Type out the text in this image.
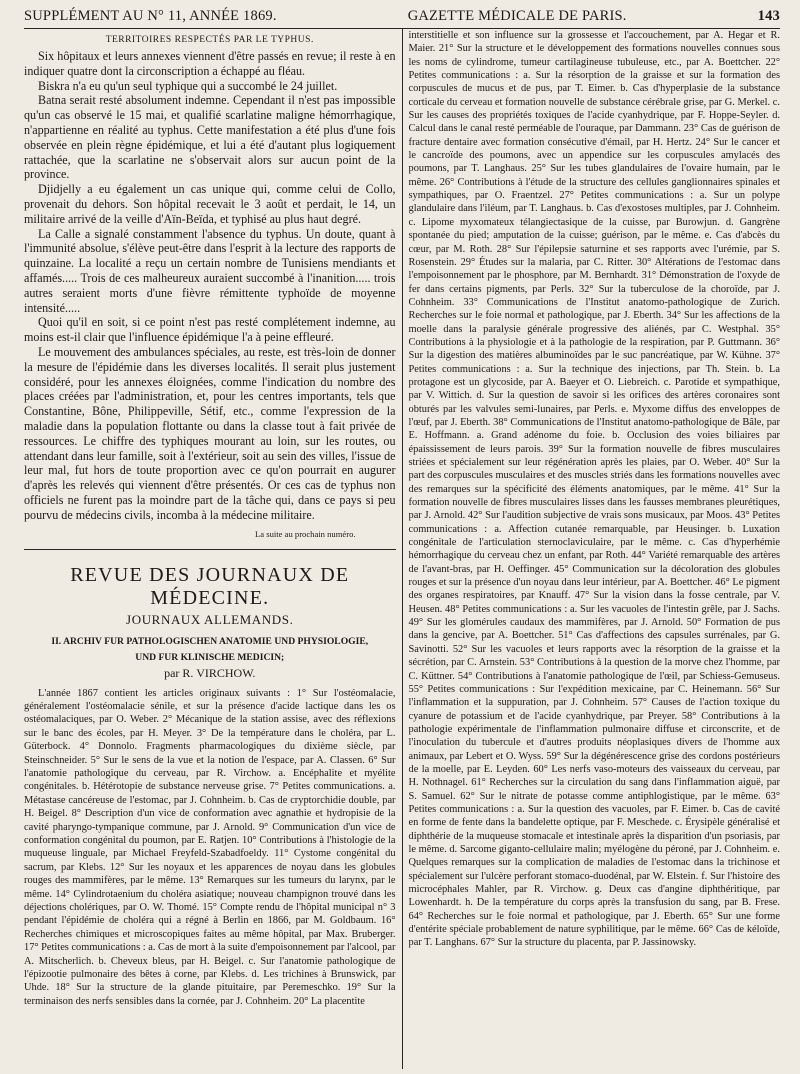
SUPPLÉMENT AU N° 11, ANNÉE 1869.	GAZETTE MÉDICALE DE PARIS.	143
TERRITOIRES RESPECTÉS PAR LE TYPHUS.

Six hôpitaux et leurs annexes viennent d'être passés en revue; il reste à en indiquer quatre dont la circonscription a échappé au fléau.

Biskra n'a eu qu'un seul typhique qui a succombé le 24 juillet.

Batna serait resté absolument indemne. Cependant il n'est pas impossible qu'un cas observé le 15 mai, et qualifié scarlatine maligne hémorrhagique, n'appartienne en réalité au typhus. Cette manifestation a été plus d'une fois observée en plein règne épidémique, et lui a été d'autant plus logiquement rattachée, que la scarlatine ne s'observait alors sur aucun point de la province.

Djidjelly a eu également un cas unique qui, comme celui de Collo, provenait du dehors. Son hôpital recevait le 3 août et perdait, le 14, un militaire arrivé de la veille d'Aïn-Beïda, et typhisé au plus haut degré.

La Calle a signalé constamment l'absence du typhus. Un doute, quant à l'immunité absolue, s'élève peut-être dans l'esprit à la lecture des rapports de quinzaine. La localité a reçu un certain nombre de Tunisiens mendiants et affamés..... Trois de ces malheureux auraient succombé à l'inanition..... trois autres seraient morts d'une fièvre rémittente typhoïde de moyenne intensité.....

Quoi qu'il en soit, si ce point n'est pas resté complétement indemne, au moins est-il clair que l'influence épidémique l'a à peine effleuré.

Le mouvement des ambulances spéciales, au reste, est très-loin de donner la mesure de l'épidémie dans les diverses localités. Il serait plus justement considéré, pour les annexes éloignées, comme l'indication du nombre des places créées par l'administration, et, pour les centres importants, tels que Constantine, Bône, Philippeville, Sétif, etc., comme l'expression de la maladie dans la population flottante ou dans la classe tout à fait privée de ressources. Le chiffre des typhiques mourant au loin, sur les routes, ou attendant dans leur famille, soit à l'extérieur, soit au sein des villes, l'issue de leur mal, fut hors de toute proportion avec ce qu'on pourrait en augurer d'après les relevés qui viennent d'être présentés. Or ces cas de typhus non officiels ne furent pas la moindre part de la tâche qui, dans ce pays si peu pourvu de médecins civils, incomba à la médecine militaire.

La suite au prochain numéro.
REVUE DES JOURNAUX DE MÉDECINE.
JOURNAUX ALLEMANDS.
II. ARCHIV FUR PATHOLOGISCHEN ANATOMIE UND PHYSIOLOGIE,
UND FUR KLINISCHE MEDICIN;
par R. VIRCHOW.

L'année 1867 contient les articles originaux suivants : 1° Sur l'ostéomalacie, généralement l'ostéomalacie sénile, et sur la présence d'acide lactique dans les os ostéomalaciques, par O. Weber. 2° Mécanique de la station assise, avec des réflexions sur le banc des écoles, par H. Meyer. 3° De la température dans le choléra, par L. Güterbock. 4° Donnolo. Fragments pharmacologiques du dixième siècle, par Steinschneider. 5° Sur le sens de la vue et la notion de l'espace, par A. Classen. 6° Sur l'anatomie pathologique du cerveau, par R. Virchow. a. Encéphalite et myélite congénitales. b. Hétérotopie de substance nerveuse grise. 7° Petites communications. a. Métastase cancéreuse de l'estomac, par J. Cohnheim. b. Cas de cryptorchidie double, par H. Beigel. 8° Description d'un vice de conformation avec agnathie et hydropisie de la cavité pharyngo-tympanique commune, par J. Arnold. 9° Communication d'un vice de conformation congénital du poumon, par E. Ratjen. 10° Contributions à l'histologie de la muqueuse linguale, par Michael Freyfeld-Szabadfoeldy. 11° Cystome congénital du sacrum, par Klebs. 12° Sur les noyaux et les apparences de noyau dans les globules rouges des mammifères, par le même. 13° Remarques sur les tumeurs du larynx, par le même. 14° Cylindrotaenium du choléra asiatique; nouveau champignon trouvé dans les déjections cholériques, par O. W. Thomé. 15° Compte rendu de l'hôpital municipal n° 3 pendant l'épidémie de choléra qui a régné à Berlin en 1866, par M. Goldbaum. 16° Recherches chimiques et microscopiques faites au même hôpital, par Max. Bruberger. 17° Petites communications : a. Cas de mort à la suite d'empoisonnement par l'alcool, par A. Mitscherlich. b. Cheveux bleus, par H. Beigel. c. Sur l'anatomie pathologique de l'épizootie pulmonaire des bêtes à corne, par Klebs. d. Les trichines à Brunswick, par Uhde. 18° Sur la structure de la glande pituitaire, par Peremeschko. 19° Sur la terminaison des nerfs sensibles dans la cornée, par J. Cohnheim. 20° La placentite

interstitielle et son influence sur la grossesse et l'accouchement, par A. Hegar et R. Maier. 21° Sur la structure et le développement des formations nouvelles connues sous les noms de cylindrome, tumeur cartilagineuse tubuleuse, etc., par A. Boettcher. 22° Petites communications : a. Sur la résorption de la graisse et sur la formation des corpuscules de mucus et de pus, par T. Eimer. b. Cas d'hyperplasie de la substance corticale du cerveau et formation nouvelle de substance cérébrale grise, par G. Merkel. c. Sur les causes des propriétés toxiques de l'acide cyanhydrique, par F. Hoppe-Seyler. d. Calcul dans le canal resté perméable de l'ouraque, par Dammann. 23° Cas de guérison de fracture dentaire avec formation consécutive d'émail, par H. Hertz. 24° Sur le cancer et le cancroïde des poumons, avec un appendice sur les corpuscules amylacés des poumons, par T. Langhaus. 25° Sur les tubes glandulaires de l'ovaire humain, par le même. 26° Contributions à l'étude de la structure des cellules ganglionnaires spinales et sympathiques, par O. Fraentzel. 27° Petites communications : a. Sur un polype glandulaire dans l'iléum, par T. Langhaus. b. Cas d'exostoses multiples, par J. Cohnheim. c. Lipome myxomateux télangiectasique de la cuisse, par Burowjun. d. Gangrène spontanée du pied; amputation de la cuisse; guérison, par le même. e. Cas d'abcès du cœur, par M. Roth. 28° Sur l'épilepsie saturnine et ses rapports avec l'urémie, par S. Rosenstein. 29° Études sur la malaria, par C. Ritter. 30° Altérations de l'estomac dans l'empoisonnement par le phosphore, par M. Bernhardt. 31° Démonstration de l'oxyde de fer dans certains pigments, par Perls. 32° Sur la tuberculose de la choroïde, par J. Cohnheim. 33° Communications de l'Institut anatomo-pathologique de Zurich. Recherches sur le foie normal et pathologique, par J. Eberth. 34° Sur les affections de la moelle dans la paralysie générale progressive des aliénés, par C. Westphal. 35° Contributions à la physiologie et à la pathologie de la respiration, par P. Guttmann. 36° Sur la digestion des matières albuminoïdes par le suc pancréatique, par W. Kühne. 37° Petites communications : a. Sur la technique des injections, par Th. Stein. b. La protagone est un glycoside, par A. Baeyer et O. Liebreich. c. Parotide et sympathique, par V. Wittich. d. Sur la question de savoir si les orifices des artères coronaires sont obturés par les valvules semi-lunaires, par Perls. e. Myxome diffus des enveloppes de l'œuf, par J. Eberth. 38° Communications de l'Institut anatomo-pathologique de Bâle, par E. Hoffmann. a. Grand adénome du foie. b. Occlusion des voies biliaires par épaississement de leurs parois. 39° Sur la formation nouvelle de fibres musculaires striées et spécialement sur leur régénération après les plaies, par O. Weber. 40° Sur la part des corpuscules musculaires et des muscles striés dans les formations nouvelles avec des remarques sur la spécificité des éléments anatomiques, par le même. 41° Sur la formation nouvelle de fibres musculaires lisses dans les fausses membranes pleurétiques, par J. Arnold. 42° Sur l'audition subjective de vrais sons musicaux, par Moos. 43° Petites communications : a. Affection cutanée remarquable, par Heusinger. b. Luxation congénitale de l'articulation sternoclaviculaire, par le même. c. Cas d'hyperhémie hémorrhagique du cerveau chez un enfant, par Roth. 44° Variété remarquable des artères de l'avant-bras, par H. Oeffinger. 45° Communication sur la décoloration des globules rouges et sur la présence d'un noyau dans leur intérieur, par A. Boettcher. 46° Le pigment des organes respiratoires, par Knauff. 47° Sur la vision dans la fosse centrale, par V. Heusen. 48° Petites communications : a. Sur les vacuoles de l'intestin grêle, par J. Sachs. 49° Sur les glomérules caudaux des mammifères, par J. Arnold. 50° Formation de pus dans la gencive, par A. Boettcher. 51° Cas d'affections des capsules surrénales, par G. Savinotti. 52° Sur les vacuoles et leurs rapports avec la résorption de la graisse et la sécrétion, par C. Arnstein. 53° Contributions à la question de la morve chez l'homme, par C. Küttner. 54° Contributions à l'anatomie pathologique de l'œil, par Schiess-Gemuseus. 55° Petites communications : Sur l'expédition mexicaine, par C. Heinemann. 56° Sur l'inflammation et la suppuration, par J. Cohnheim. 57° Causes de l'action toxique du cyanure de potassium et de l'acide cyanhydrique, par Preyer. 58° Contributions à la pathologie expérimentale de l'inflammation pulmonaire diffuse et circonscrite, et de l'inoculation du tubercule et d'autres produits néoplasiques divers de l'homme aux animaux, par Lebert et O. Wyss. 59° Sur la dégénérescence grise des cordons postérieurs de la moelle, par E. Leyden. 60° Les nerfs vaso-moteurs des vaisseaux du cerveau, par H. Nothnagel. 61° Recherches sur la circulation du sang dans l'inflammation aiguë, par S. Samuel. 62° Sur le nitrate de potasse comme antiphlogistique, par le même. 63° Petites communications : a. Sur la question des vacuoles, par F. Eimer. b. Cas de cavité en forme de fente dans la bandelette optique, par F. Meschede. c. Érysipèle généralisé et diphthérie de la muqueuse stomacale et intestinale après la disparition d'un psoriasis, par le même. d. Sarcome giganto-cellulaire malin; myélogène du péroné, par J. Cohnheim. e. Quelques remarques sur la complication de maladies de l'estomac dans la trichinose et spécialement sur l'ulcère perforant stomaco-duodénal, par W. Elstein. f. Sur l'histoire des microcéphales Mahler, par R. Virchow. g. Deux cas d'angine diphthéritique, par Lowenhardt. h. De la température du corps après la transfusion du sang, par B. Frese. 64° Recherches sur le foie normal et pathologique, par J. Eberth. 65° Sur une forme d'entérite spéciale probablement de nature syphilitique, par le même. 66° Cas de kéloïde, par T. Langhans. 67° Sur la structure du placenta, par P. Jassinowsky.
